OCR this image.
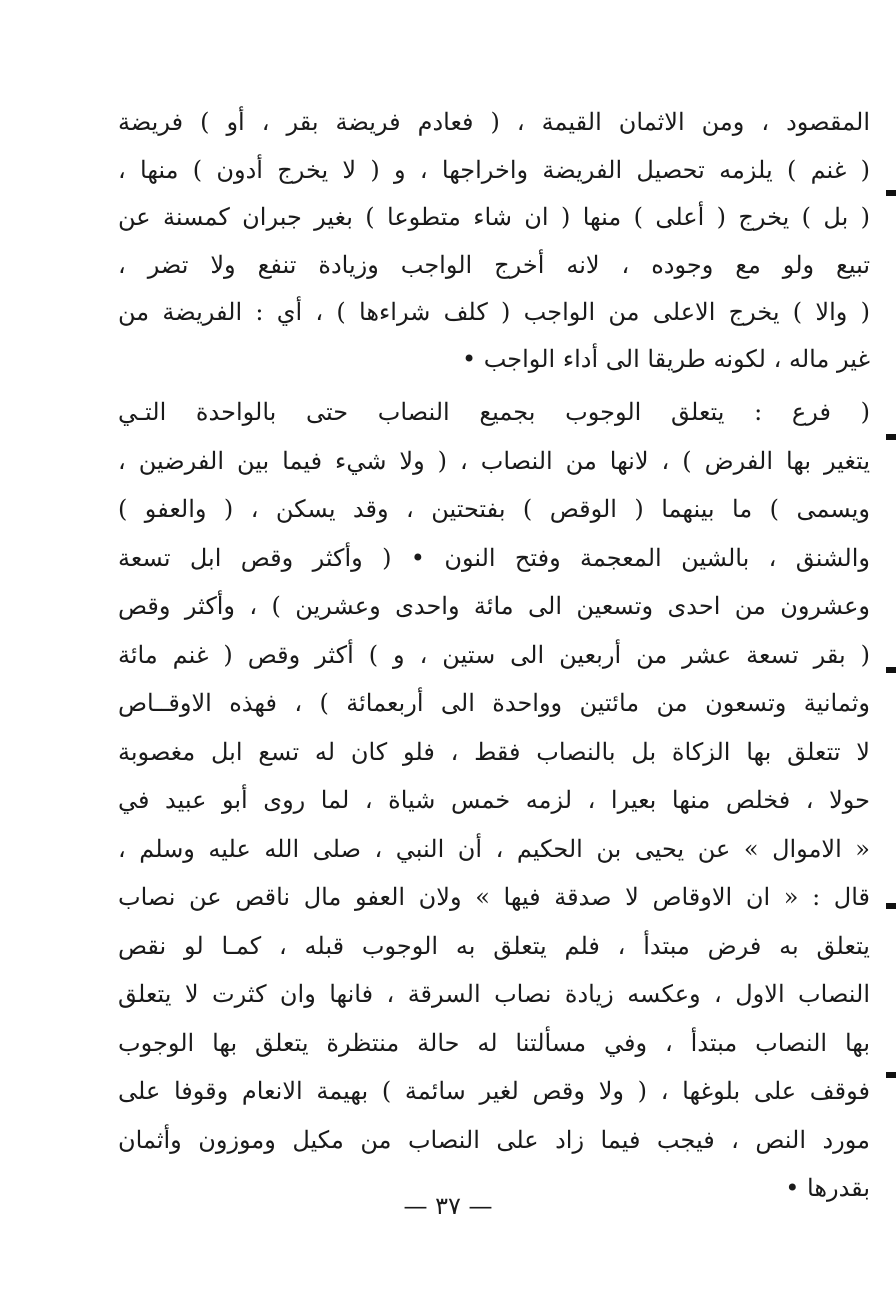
المقصود ، ومن الاثمان القيمة ، ( فعادم فريضة بقر ، أو ) فريضة
( غنم ) يلزمه تحصيل الفريضة واخراجها ، و ( لا يخرج أدون ) منها ،
( بل ) يخرج ( أعلى ) منها ( ان شاء متطوعا ) بغير جبران كمسنة عن
تبيع ولو مع وجوده ، لانه أخرج الواجب وزيادة تنفع ولا تضر ،
( والا ) يخرج الاعلى من الواجب ( كلف شراءها ) ، أي : الفريضة من
غير ماله ، لكونه طريقا الى أداء الواجب •
( فرع : يتعلق الوجوب بجميع النصاب حتى بالواحدة التـي
يتغير بها الفرض ) ، لانها من النصاب ، ( ولا شيء فيما بين الفرضين ،
ويسمى ) ما بينهما ( الوقص ) بفتحتين ، وقد يسكن ، ( والعفو )
والشنق ، بالشين المعجمة وفتح النون • ( وأكثر وقص ابل تسعة
وعشرون من احدى وتسعين الى مائة واحدى وعشرين ) ، وأكثر وقص
( بقر تسعة عشر من أربعين الى ستين ، و ) أكثر وقص ( غنم مائة
وثمانية وتسعون من مائتين وواحدة الى أربعمائة ) ، فهذه الاوقــاص
لا تتعلق بها الزكاة بل بالنصاب فقط ، فلو كان له تسع ابل مغصوبة
حولا ، فخلص منها بعيرا ، لزمه خمس شياة ، لما روى أبو عبيد في
« الاموال » عن يحيى بن الحكيم ، أن النبي ، صلى الله عليه وسلم ،
قال : « ان الاوقاص لا صدقة فيها » ولان العفو مال ناقص عن نصاب
يتعلق به فرض مبتدأ ، فلم يتعلق به الوجوب قبله ، كمـا لو نقص
النصاب الاول ، وعكسه زيادة نصاب السرقة ، فانها وان كثرت لا يتعلق
بها النصاب مبتدأ ، وفي مسألتنا له حالة منتظرة يتعلق بها الوجوب
فوقف على بلوغها ، ( ولا وقص لغير سائمة ) بهيمة الانعام وقوفا على
مورد النص ، فيجب فيما زاد على النصاب من مكيل وموزون وأثمان
بقدرها •
— ٣٧ —
